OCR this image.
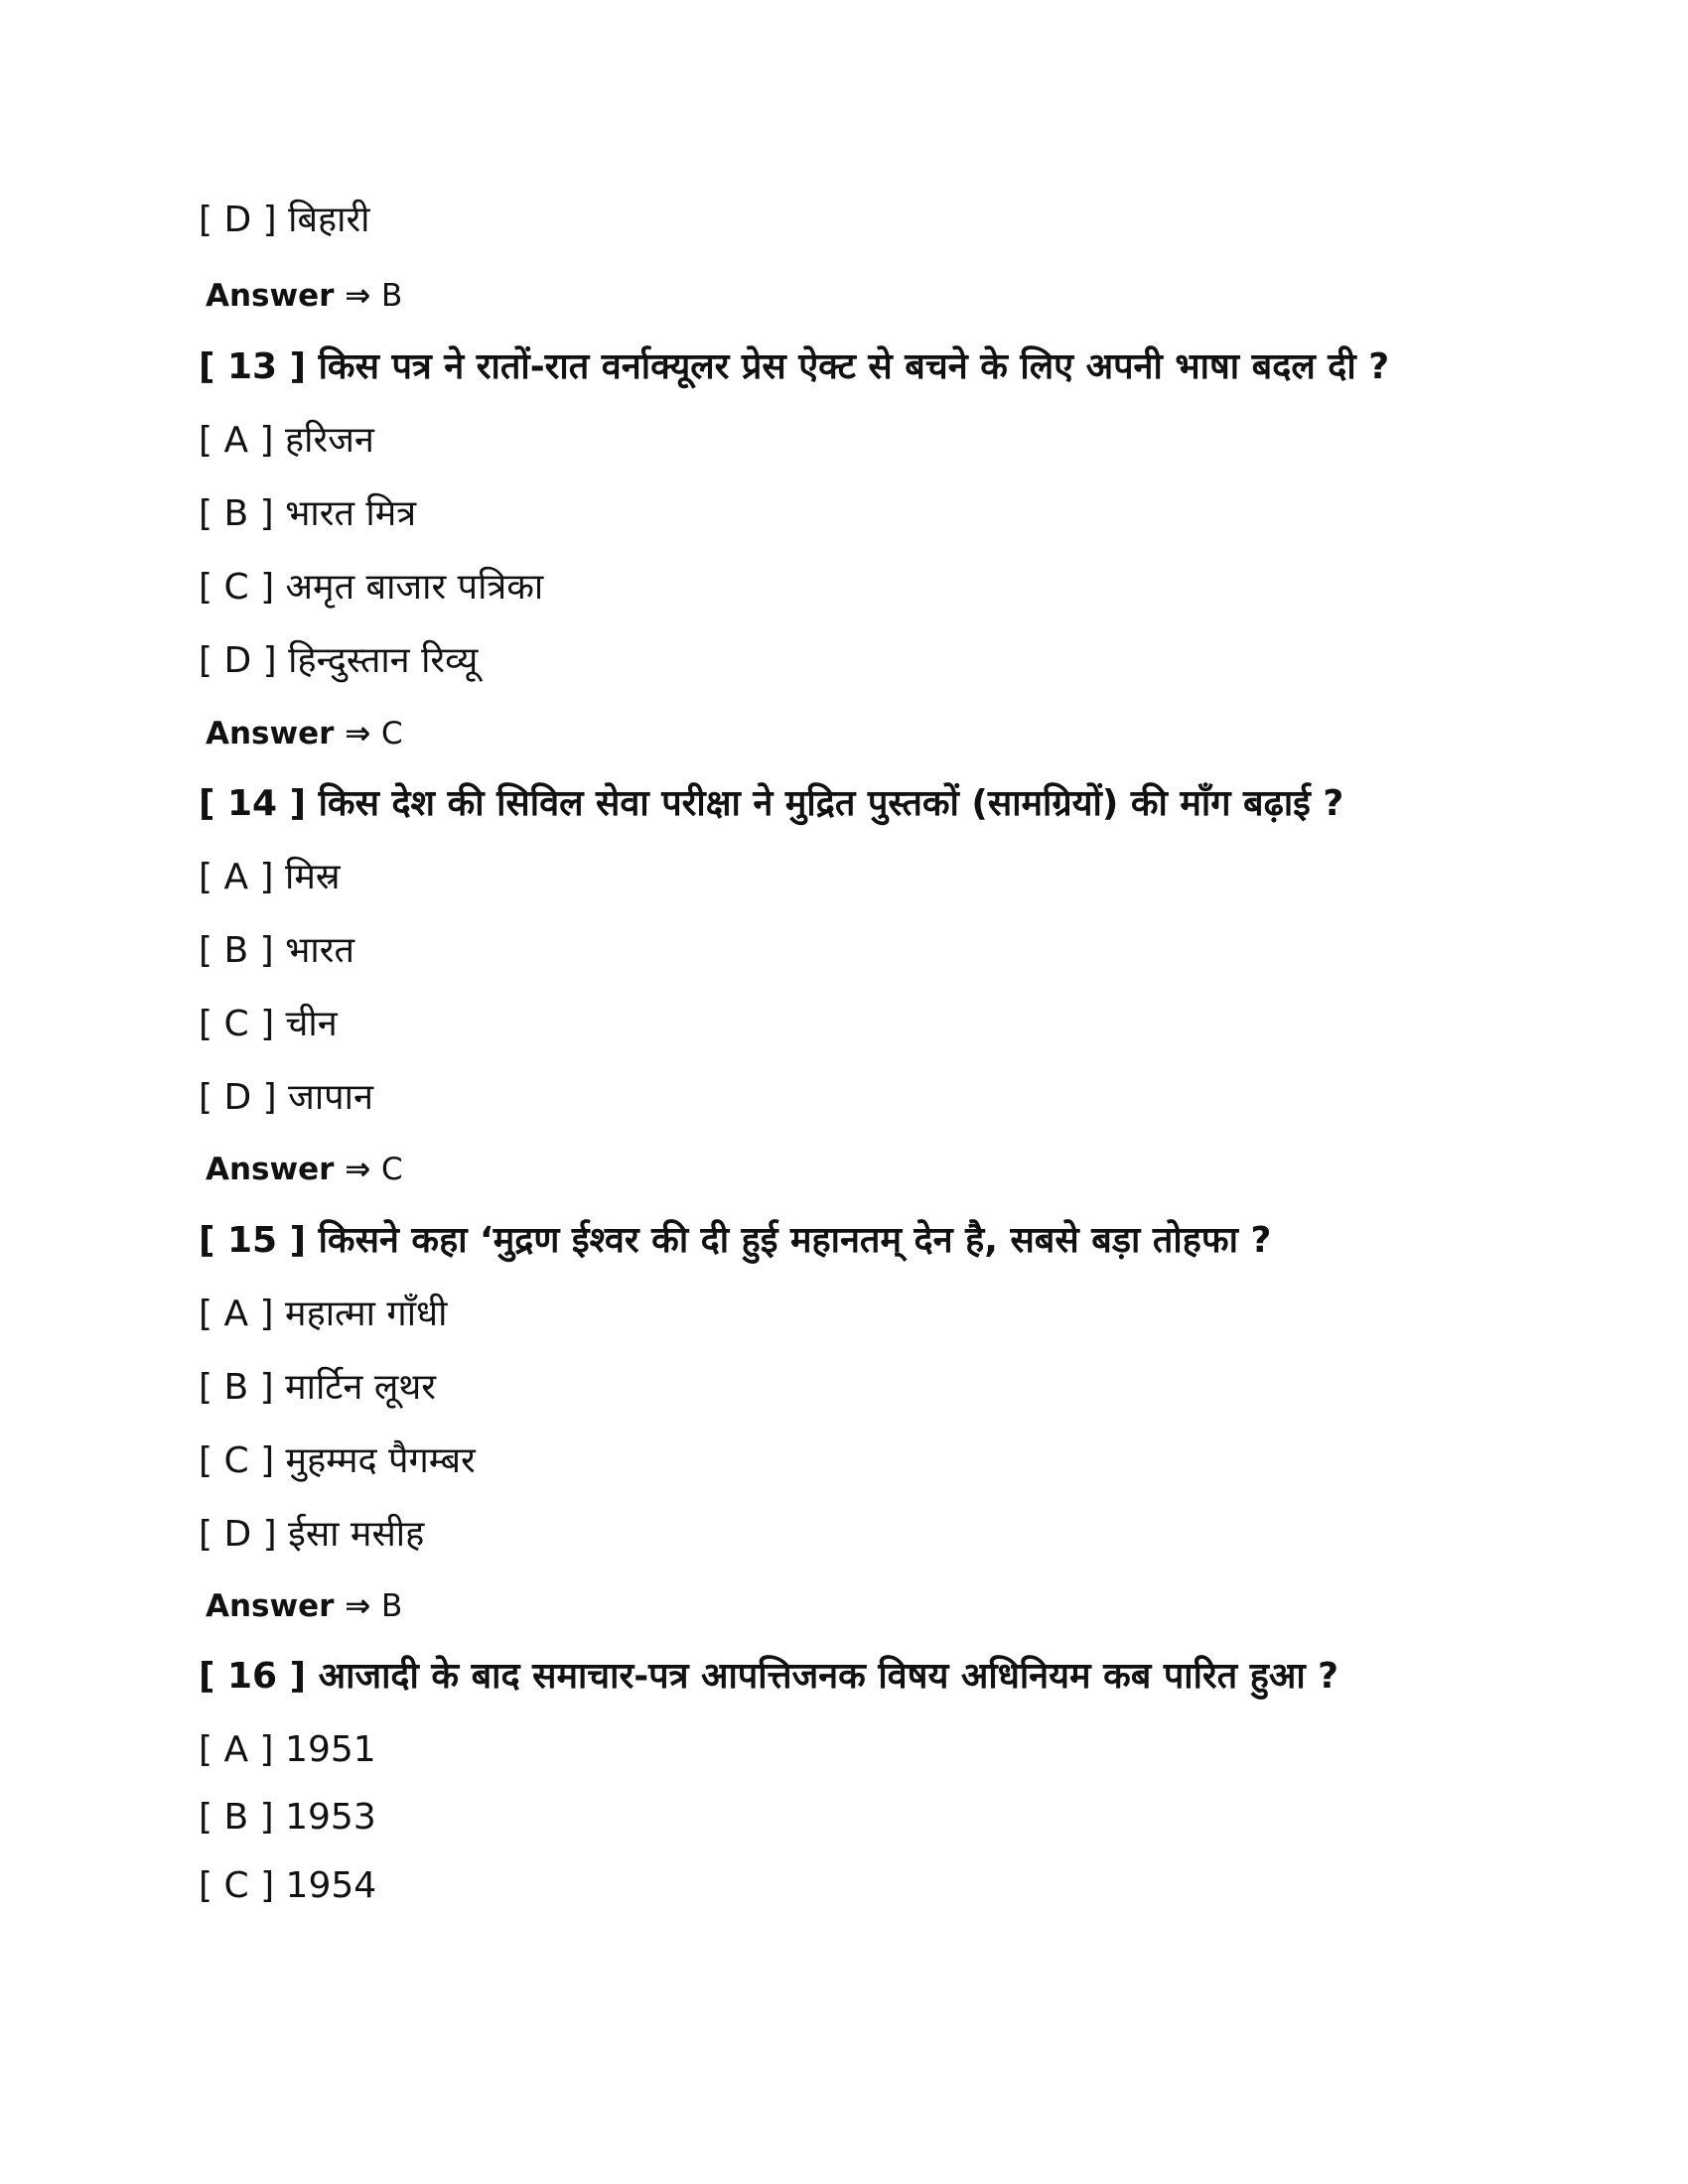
[ D ] बिहारी
Answer ⇒ B
[ 13 ] किस पत्र ने रातों-रात वर्नाक्यूलर प्रेस ऐक्ट से बचने के लिए अपनी भाषा बदल दी ?
[ A ] हरिजन
[ B ] भारत मित्र
[ C ] अमृत बाजार पत्रिका
[ D ] हिन्दुस्तान रिव्यू
Answer ⇒ C
[ 14 ] किस देश की सिविल सेवा परीक्षा ने मुद्रित पुस्तकों (सामग्रियों) की माँग बढ़ाई ?
[ A ] मिस्र
[ B ] भारत
[ C ] चीन
[ D ] जापान
Answer ⇒ C
[ 15 ] किसने कहा ‘मुद्रण ईश्वर की दी हुई महानतम् देन है, सबसे बड़ा तोहफा ?
[ A ] महात्मा गाँधी
[ B ] मार्टिन लूथर
[ C ] मुहम्मद पैगम्बर
[ D ] ईसा मसीह
Answer ⇒ B
[ 16 ] आजादी के बाद समाचार-पत्र आपत्तिजनक विषय अधिनियम कब पारित हुआ ?
[ A ] 1951
[ B ] 1953
[ C ] 1954
